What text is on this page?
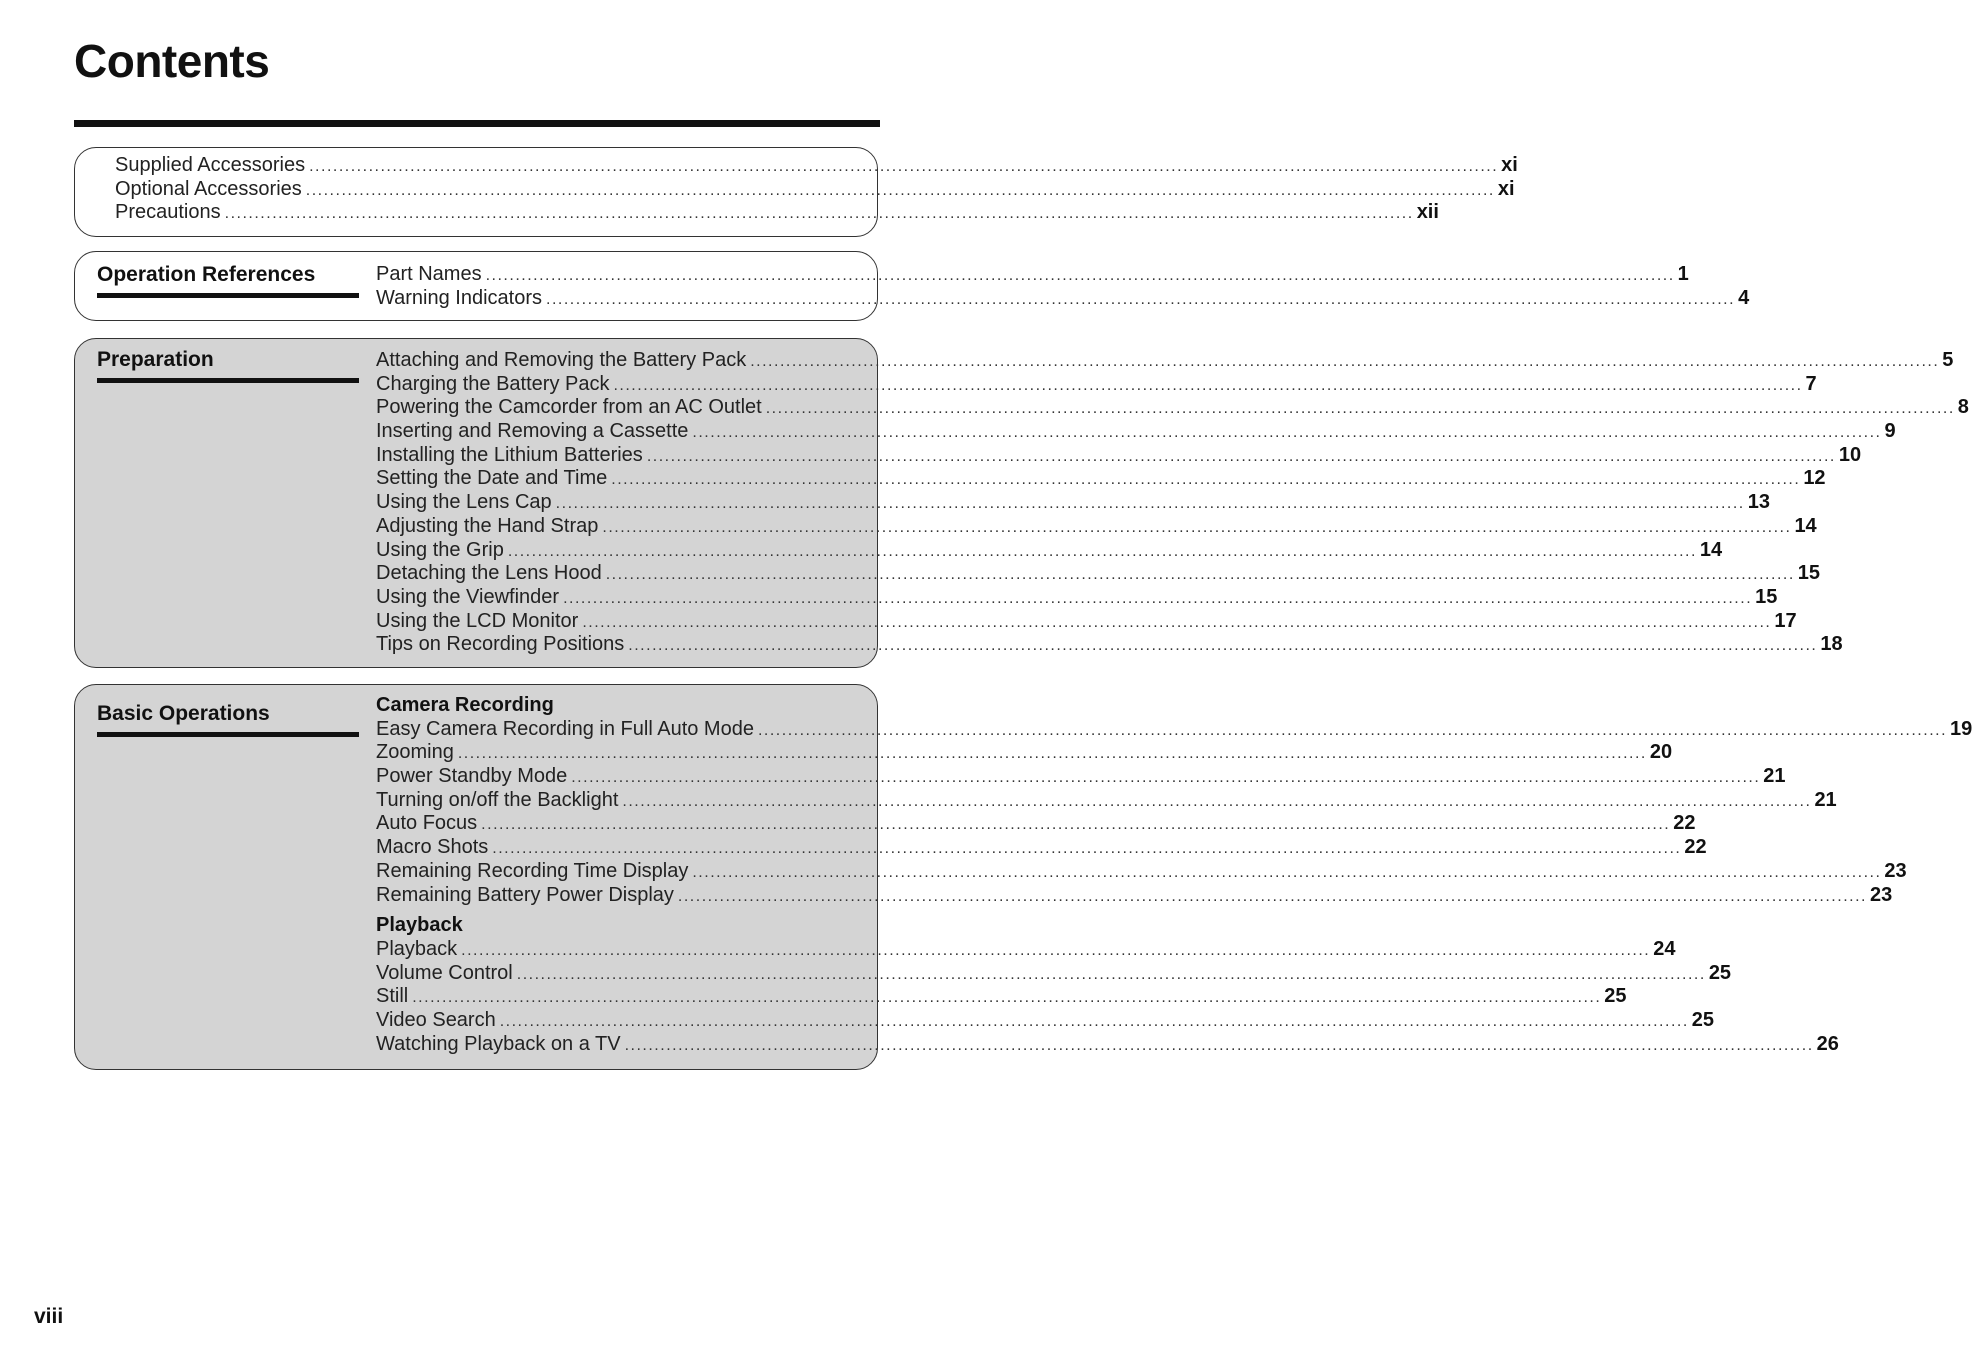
Contents
Supplied Accessories ........................................................................................................................................................................................................ xi
Optional Accessories ........................................................................................................................................................................................................ xi
Precautions ........................................................................................................................................................................................................ xii
Operation References	Part Names ........................................................................................................................................................................................................ 1
Warning Indicators ........................................................................................................................................................................................................ 4
Preparation	Attaching and Removing the Battery Pack ........................................................................................................................................................................................................ 5
Charging the Battery Pack ........................................................................................................................................................................................................ 7
Powering the Camcorder from an AC Outlet ........................................................................................................................................................................................................ 8
Inserting and Removing a Cassette ........................................................................................................................................................................................................ 9
Installing the Lithium Batteries ........................................................................................................................................................................................................ 10
Setting the Date and Time ........................................................................................................................................................................................................ 12
Using the Lens Cap ........................................................................................................................................................................................................ 13
Adjusting the Hand Strap ........................................................................................................................................................................................................ 14
Using the Grip ........................................................................................................................................................................................................ 14
Detaching the Lens Hood ........................................................................................................................................................................................................ 15
Using the Viewfinder ........................................................................................................................................................................................................ 15
Using the LCD Monitor ........................................................................................................................................................................................................ 17
Tips on Recording Positions ........................................................................................................................................................................................................ 18
Basic Operations	Camera Recording
Easy Camera Recording in Full Auto Mode ........................................................................................................................................................................................................ 19
Zooming ........................................................................................................................................................................................................ 20
Power Standby Mode ........................................................................................................................................................................................................ 21
Turning on/off the Backlight ........................................................................................................................................................................................................ 21
Auto Focus ........................................................................................................................................................................................................ 22
Macro Shots ........................................................................................................................................................................................................ 22
Remaining Recording Time Display ........................................................................................................................................................................................................ 23
Remaining Battery Power Display ........................................................................................................................................................................................................ 23
Playback
Playback ........................................................................................................................................................................................................ 24
Volume Control ........................................................................................................................................................................................................ 25
Still ........................................................................................................................................................................................................ 25
Video Search ........................................................................................................................................................................................................ 25
Watching Playback on a TV ........................................................................................................................................................................................................ 26
viii
